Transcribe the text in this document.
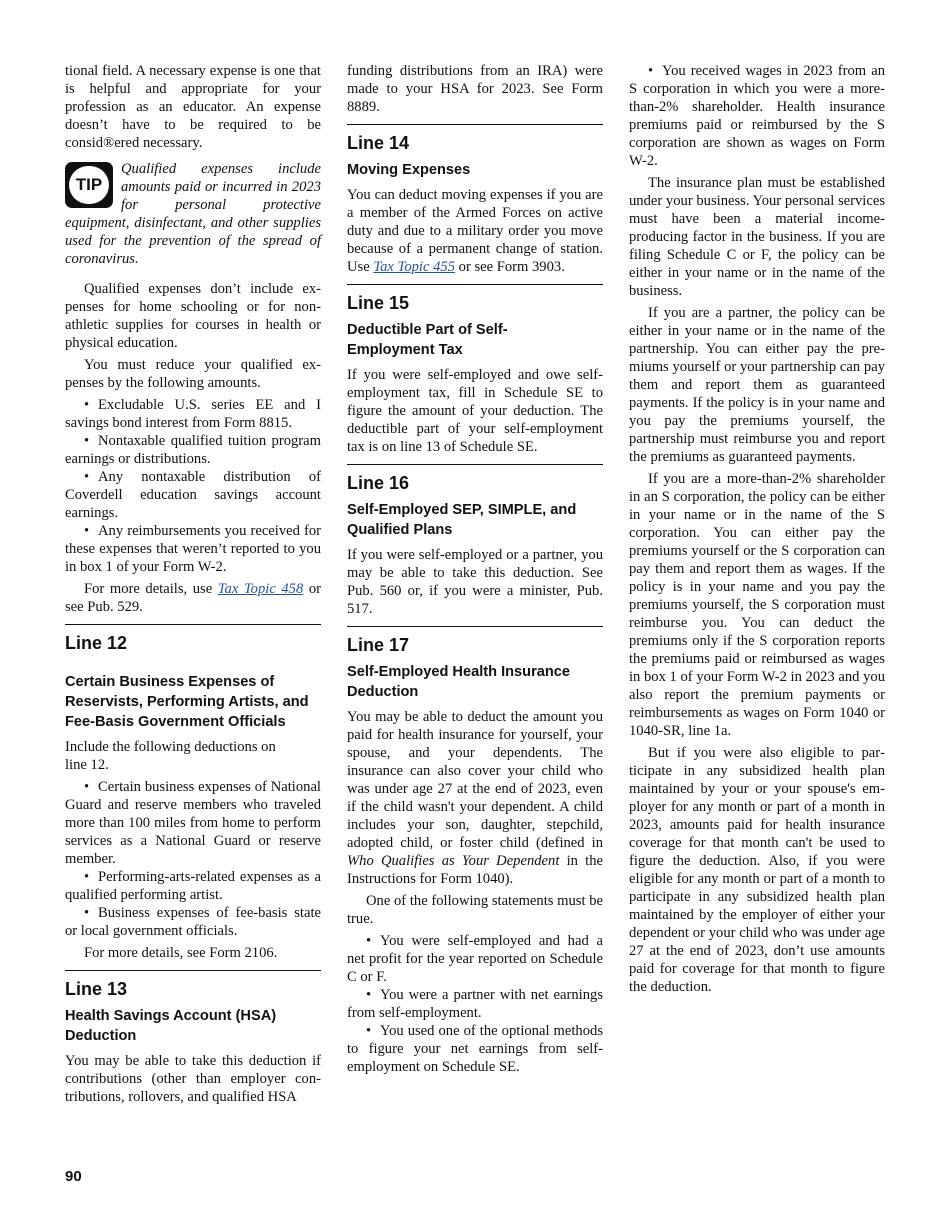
tional field. A necessary expense is one that is helpful and appropriate for your profession as an educator. An expense doesn’t have to be required to be consid®ered necessary.

TIP

Qualified expenses include amounts paid or incurred in 2023 for personal protective equipment, disinfectant, and other supplies used for the prevention of the spread of coronavirus.

Qualified expenses don’t include expenses for home schooling or for nonathletic supplies for courses in health or physical education.

You must reduce your qualified expenses by the following amounts.

• Excludable U.S. series EE and I savings bond interest from Form 8815.

• Nontaxable qualified tuition program earnings or distributions.

• Any nontaxable distribution of Coverdell education savings account earnings.

• Any reimbursements you received for these expenses that weren’t reported to you in box 1 of your Form W-2.

For more details, use Tax Topic 458 or see Pub. 529.

Line 12
Certain Business Expenses of Reservists, Performing Artists, and Fee-Basis Government Officials

Include the following deductions on line 12.

• Certain business expenses of National Guard and reserve members who traveled more than 100 miles from home to perform services as a National Guard or reserve member.

• Performing-arts-related expenses as a qualified performing artist.

• Business expenses of fee-basis state or local government officials.

For more details, see Form 2106.

Line 13
Health Savings Account (HSA) Deduction

You may be able to take this deduction if contributions (other than employer contributions, rollovers, and qualified HSA

funding distributions from an IRA) were made to your HSA for 2023. See Form 8889.

Line 14
Moving Expenses

You can deduct moving expenses if you are a member of the Armed Forces on active duty and due to a military order you move because of a permanent change of station. Use Tax Topic 455 or see Form 3903.

Line 15
Deductible Part of Self-Employment Tax

If you were self-employed and owe self-employment tax, fill in Schedule SE to figure the amount of your deduction. The deductible part of your self-employment tax is on line 13 of Schedule SE.

Line 16
Self-Employed SEP, SIMPLE, and Qualified Plans

If you were self-employed or a partner, you may be able to take this deduction. See Pub. 560 or, if you were a minister, Pub. 517.

Line 17
Self-Employed Health Insurance Deduction

You may be able to deduct the amount you paid for health insurance for yourself, your spouse, and your dependents. The insurance can also cover your child who was under age 27 at the end of 2023, even if the child wasn't your dependent. A child includes your son, daughter, stepchild, adopted child, or foster child (defined in Who Qualifies as Your Dependent in the Instructions for Form 1040).

One of the following statements must be true.

• You were self-employed and had a net profit for the year reported on Schedule C or F.

• You were a partner with net earnings from self-employment.

• You used one of the optional methods to figure your net earnings from self-employment on Schedule SE.

• You received wages in 2023 from an S corporation in which you were a more-than-2% shareholder. Health insurance premiums paid or reimbursed by the S corporation are shown as wages on Form W-2.

The insurance plan must be established under your business. Your personal services must have been a material income-producing factor in the business. If you are filing Schedule C or F, the policy can be either in your name or in the name of the business.

If you are a partner, the policy can be either in your name or in the name of the partnership. You can either pay the premiums yourself or your partnership can pay them and report them as guaranteed payments. If the policy is in your name and you pay the premiums yourself, the partnership must reimburse you and report the premiums as guaranteed payments.

If you are a more-than-2% shareholder in an S corporation, the policy can be either in your name or in the name of the S corporation. You can either pay the premiums yourself or the S corporation can pay them and report them as wages. If the policy is in your name and you pay the premiums yourself, the S corporation must reimburse you. You can deduct the premiums only if the S corporation reports the premiums paid or reimbursed as wages in box 1 of your Form W-2 in 2023 and you also report the premium payments or reimbursements as wages on Form 1040 or 1040-SR, line 1a.

But if you were also eligible to participate in any subsidized health plan maintained by your or your spouse's employer for any month or part of a month in 2023, amounts paid for health insurance coverage for that month can't be used to figure the deduction. Also, if you were eligible for any month or part of a month to participate in any subsidized health plan maintained by the employer of either your dependent or your child who was under age 27 at the end of 2023, don’t use amounts paid for coverage for that month to figure the deduction.

90
